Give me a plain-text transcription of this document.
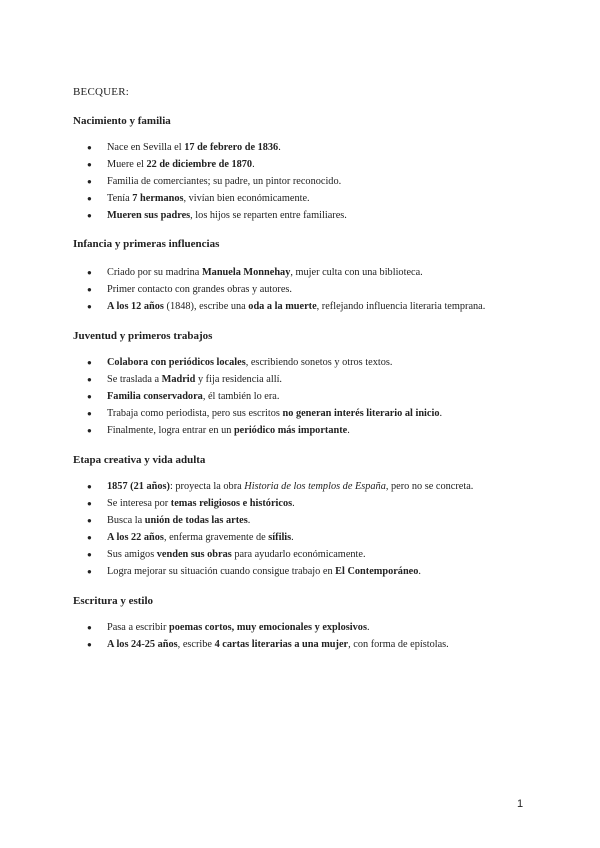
BECQUER:
Nacimiento y familia
● Nace en Sevilla el 17 de febrero de 1836.
● Muere el 22 de diciembre de 1870.
● Familia de comerciantes; su padre, un pintor reconocido.
● Tenía 7 hermanos, vivían bien económicamente.
● Mueren sus padres, los hijos se reparten entre familiares.
Infancia y primeras influencias
● Criado por su madrina Manuela Monnehay, mujer culta con una biblioteca.
● Primer contacto con grandes obras y autores.
● A los 12 años (1848), escribe una oda a la muerte, reflejando influencia literaria temprana.
Juventud y primeros trabajos
● Colabora con periódicos locales, escribiendo sonetos y otros textos.
● Se traslada a Madrid y fija residencia allí.
● Familia conservadora, él también lo era.
● Trabaja como periodista, pero sus escritos no generan interés literario al inicio.
● Finalmente, logra entrar en un periódico más importante.
Etapa creativa y vida adulta
● 1857 (21 años): proyecta la obra Historia de los templos de España, pero no se concreta.
● Se interesa por temas religiosos e históricos.
● Busca la unión de todas las artes.
● A los 22 años, enferma gravemente de sífilis.
● Sus amigos venden sus obras para ayudarlo económicamente.
● Logra mejorar su situación cuando consigue trabajo en El Contemporáneo.
Escritura y estilo
● Pasa a escribir poemas cortos, muy emocionales y explosivos.
● A los 24-25 años, escribe 4 cartas literarias a una mujer, con forma de epístolas.
1
